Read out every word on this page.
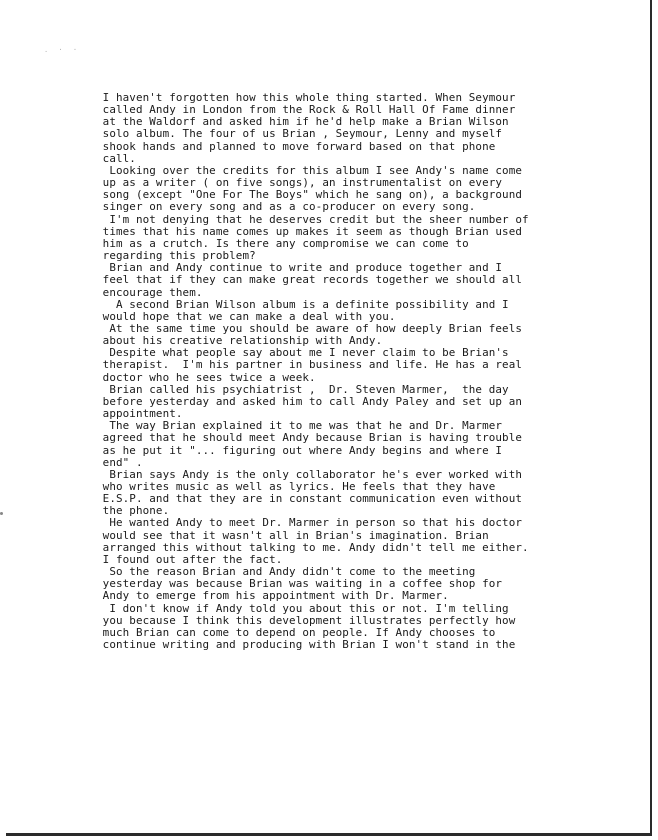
. · ·
I haven't forgotten how this whole thing started. When Seymour
called Andy in London from the Rock & Roll Hall Of Fame dinner
at the Waldorf and asked him if he'd help make a Brian Wilson
solo album. The four of us Brian , Seymour, Lenny and myself
shook hands and planned to move forward based on that phone
call.
Looking over the credits for this album I see Andy's name come
up as a writer ( on five songs), an instrumentalist on every
song (except "One For The Boys" which he sang on), a background
singer on every song and as a co-producer on every song.
I'm not denying that he deserves credit but the sheer number of
times that his name comes up makes it seem as though Brian used
him as a crutch. Is there any compromise we can come to
regarding this problem?
Brian and Andy continue to write and produce together and I
feel that if they can make great records together we should all
encourage them.
A second Brian Wilson album is a definite possibility and I
would hope that we can make a deal with you.
At the same time you should be aware of how deeply Brian feels
about his creative relationship with Andy.
Despite what people say about me I never claim to be Brian's
therapist.  I'm his partner in business and life. He has a real
doctor who he sees twice a week.
Brian called his psychiatrist ,  Dr. Steven Marmer,  the day
before yesterday and asked him to call Andy Paley and set up an
appointment.
The way Brian explained it to me was that he and Dr. Marmer
agreed that he should meet Andy because Brian is having trouble
as he put it "... figuring out where Andy begins and where I
end" .
Brian says Andy is the only collaborator he's ever worked with
who writes music as well as lyrics. He feels that they have
E.S.P. and that they are in constant communication even without
the phone.
He wanted Andy to meet Dr. Marmer in person so that his doctor
would see that it wasn't all in Brian's imagination. Brian
arranged this without talking to me. Andy didn't tell me either.
I found out after the fact.
So the reason Brian and Andy didn't come to the meeting
yesterday was because Brian was waiting in a coffee shop for
Andy to emerge from his appointment with Dr. Marmer.
I don't know if Andy told you about this or not. I'm telling
you because I think this development illustrates perfectly how
much Brian can come to depend on people. If Andy chooses to
continue writing and producing with Brian I won't stand in the
